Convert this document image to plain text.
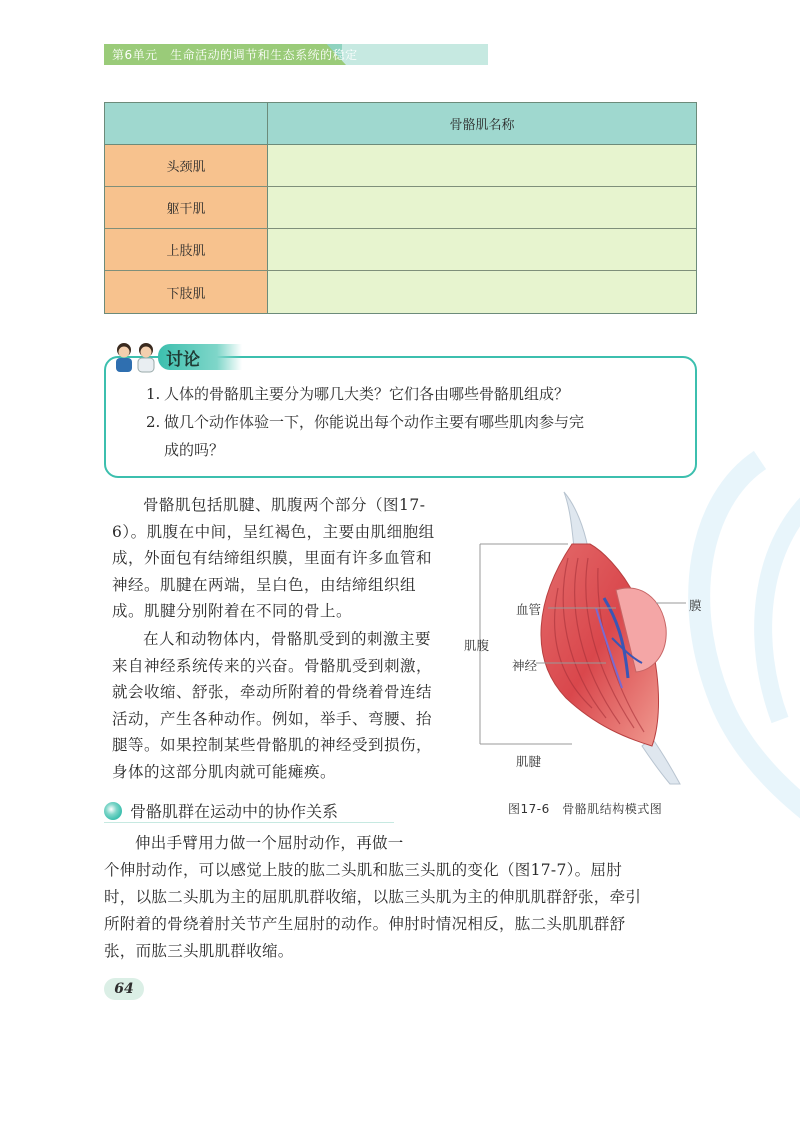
第6单元　生命活动的调节和生态系统的稳定
骨骼肌名称
头颈肌
躯干肌
上肢肌
下肢肌
讨论
1. 人体的骨骼肌主要分为哪几大类？它们各由哪些骨骼肌组成？
2. 做几个动作体验一下，你能说出每个动作主要有哪些肌肉参与完
成的吗？

骨骼肌包括肌腱、肌腹两个部分（图17-6）。肌腹在中间，呈红褐色，主要由肌细胞组成，外面包有结缔组织膜，里面有许多血管和神经。肌腱在两端，呈白色，由结缔组织组成。肌腱分别附着在不同的骨上。

在人和动物体内，骨骼肌受到的刺激主要来自神经系统传来的兴奋。骨骼肌受到刺激，就会收缩、舒张，牵动所附着的骨绕着骨连结活动，产生各种动作。例如，举手、弯腰、抬腿等。如果控制某些骨骼肌的神经受到损伤，身体的这部分肌肉就可能瘫痪。

血管	膜
肌腹
神经
肌腱
图17-6　骨骼肌结构模式图
骨骼肌群在运动中的协作关系
伸出手臂用力做一个屈肘动作，再做一
个伸肘动作，可以感觉上肢的肱二头肌和肱三头肌的变化（图17-7）。屈肘
时，以肱二头肌为主的屈肌肌群收缩，以肱三头肌为主的伸肌肌群舒张，牵引
所附着的骨绕着肘关节产生屈肘的动作。伸肘时情况相反，肱二头肌肌群舒
张，而肱三头肌肌群收缩。
64
